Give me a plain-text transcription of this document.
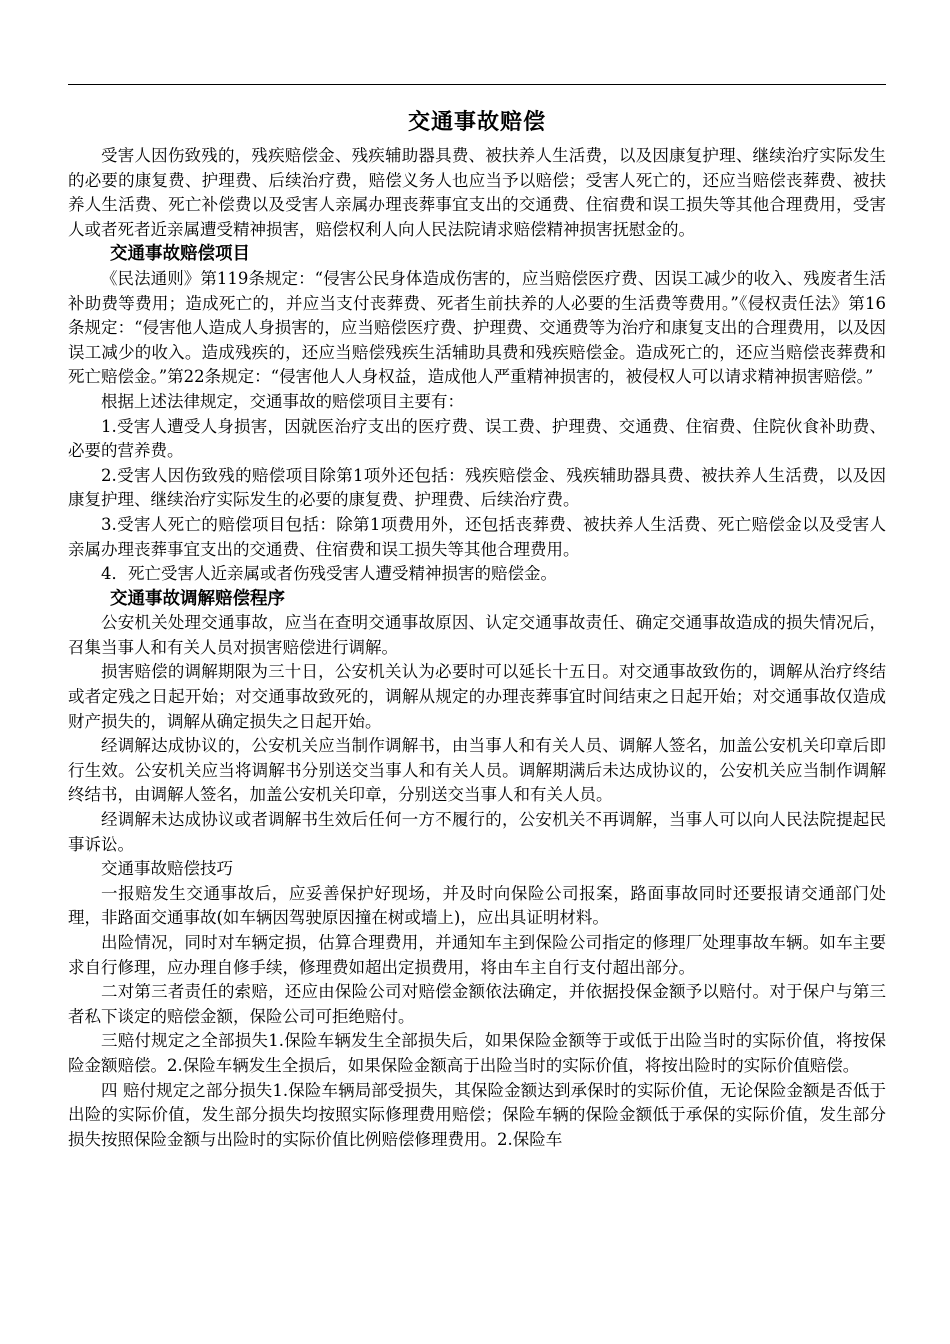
交通事故赔偿

受害人因伤致残的，残疾赔偿金、残疾辅助器具费、被扶养人生活费，以及因康复护理、继续治疗实际发生的必要的康复费、护理费、后续治疗费，赔偿义务人也应当予以赔偿；受害人死亡的，还应当赔偿丧葬费、被扶养人生活费、死亡补偿费以及受害人亲属办理丧葬事宜支出的交通费、住宿费和误工损失等其他合理费用，受害人或者死者近亲属遭受精神损害，赔偿权利人向人民法院请求赔偿精神损害抚慰金的。

交通事故赔偿项目

《民法通则》第119条规定：“侵害公民身体造成伤害的，应当赔偿医疗费、因误工减少的收入、残废者生活补助费等费用；造成死亡的，并应当支付丧葬费、死者生前扶养的人必要的生活费等费用。”《侵权责任法》第16条规定：“侵害他人造成人身损害的，应当赔偿医疗费、护理费、交通费等为治疗和康复支出的合理费用，以及因误工减少的收入。造成残疾的，还应当赔偿残疾生活辅助具费和残疾赔偿金。造成死亡的，还应当赔偿丧葬费和死亡赔偿金。”第22条规定：“侵害他人人身权益，造成他人严重精神损害的，被侵权人可以请求精神损害赔偿。”

根据上述法律规定，交通事故的赔偿项目主要有：

1.受害人遭受人身损害，因就医治疗支出的医疗费、误工费、护理费、交通费、住宿费、住院伙食补助费、必要的营养费。

2.受害人因伤致残的赔偿项目除第1项外还包括：残疾赔偿金、残疾辅助器具费、被扶养人生活费，以及因康复护理、继续治疗实际发生的必要的康复费、护理费、后续治疗费。

3.受害人死亡的赔偿项目包括：除第1项费用外，还包括丧葬费、被扶养人生活费、死亡赔偿金以及受害人亲属办理丧葬事宜支出的交通费、住宿费和误工损失等其他合理费用。

4．死亡受害人近亲属或者伤残受害人遭受精神损害的赔偿金。

交通事故调解赔偿程序

公安机关处理交通事故，应当在查明交通事故原因、认定交通事故责任、确定交通事故造成的损失情况后，召集当事人和有关人员对损害赔偿进行调解。

损害赔偿的调解期限为三十日，公安机关认为必要时可以延长十五日。对交通事故致伤的，调解从治疗终结或者定残之日起开始；对交通事故致死的，调解从规定的办理丧葬事宜时间结束之日起开始；对交通事故仅造成财产损失的，调解从确定损失之日起开始。

经调解达成协议的，公安机关应当制作调解书，由当事人和有关人员、调解人签名，加盖公安机关印章后即行生效。公安机关应当将调解书分别送交当事人和有关人员。调解期满后未达成协议的，公安机关应当制作调解终结书，由调解人签名，加盖公安机关印章，分别送交当事人和有关人员。

经调解未达成协议或者调解书生效后任何一方不履行的，公安机关不再调解，当事人可以向人民法院提起民事诉讼。

交通事故赔偿技巧

一报赔发生交通事故后，应妥善保护好现场，并及时向保险公司报案，路面事故同时还要报请交通部门处理，非路面交通事故(如车辆因驾驶原因撞在树或墙上)，应出具证明材料。

出险情况，同时对车辆定损，估算合理费用，并通知车主到保险公司指定的修理厂处理事故车辆。如车主要求自行修理，应办理自修手续，修理费如超出定损费用，将由车主自行支付超出部分。

二对第三者责任的索赔，还应由保险公司对赔偿金额依法确定，并依据投保金额予以赔付。对于保户与第三者私下谈定的赔偿金额，保险公司可拒绝赔付。

三赔付规定之全部损失1.保险车辆发生全部损失后，如果保险金额等于或低于出险当时的实际价值，将按保险金额赔偿。2.保险车辆发生全损后，如果保险金额高于出险当时的实际价值，将按出险时的实际价值赔偿。

四 赔付规定之部分损失1.保险车辆局部受损失，其保险金额达到承保时的实际价值，无论保险金额是否低于出险的实际价值，发生部分损失均按照实际修理费用赔偿；保险车辆的保险金额低于承保的实际价值，发生部分损失按照保险金额与出险时的实际价值比例赔偿修理费用。2.保险车
